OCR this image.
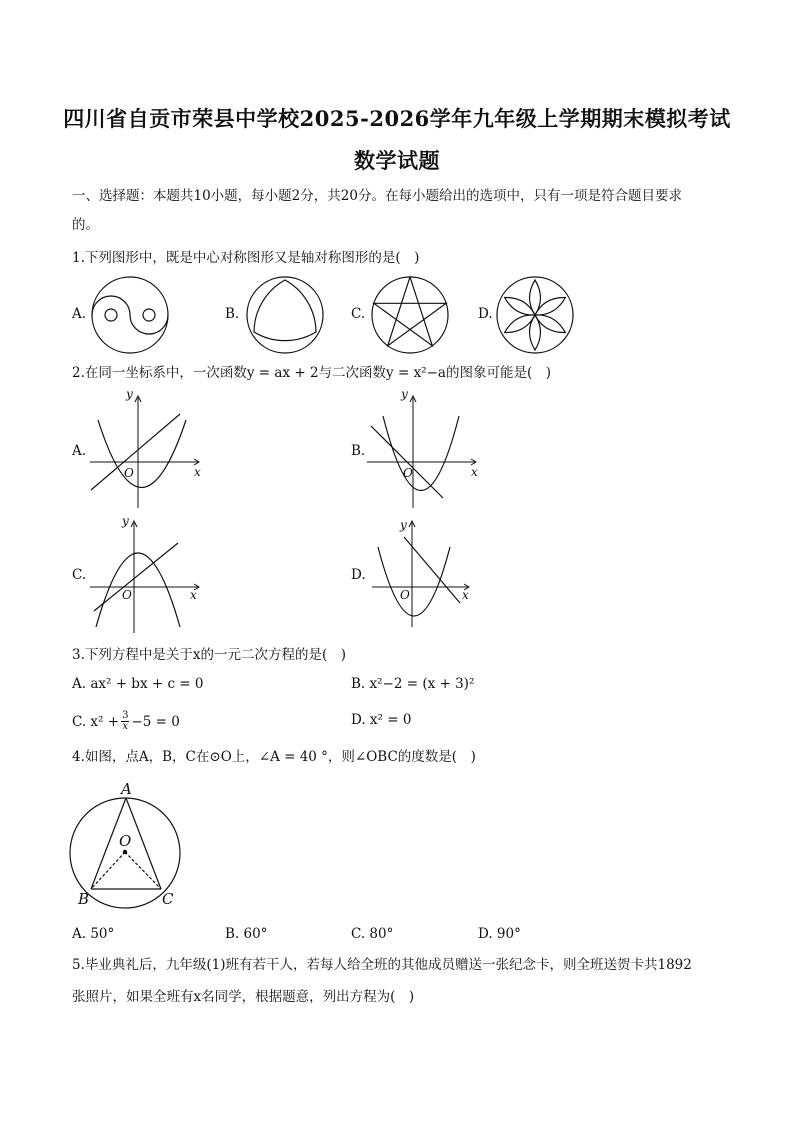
四川省自贡市荣县中学校2025-2026学年九年级上学期期末模拟考试
数学试题
一、选择题：本题共10小题，每小题2分，共20分。在每小题给出的选项中，只有一项是符合题目要求
的。
1.下列图形中，既是中心对称图形又是轴对称图形的是(　)
A.	B.	C.	D.
2.在同一坐标系中，一次函数y = ax + 2与二次函数y = x²−a的图象可能是(　)
A.
y
x
O
B.
y
x
O
C.
y
x
O
D.
y
x
O
3.下列方程中是关于x的一元二次方程的是(　)
A. ax² + bx + c = 0	B. x²−2 = (x + 3)²
C. $x^2 + \frac{3}{x} -5 = 0$	D. x² = 0
4.如图，点A，B，C在⊙O上，∠A = 40 °，则∠OBC的度数是(　)
A
B	C
O
A. 50°	B. 60°	C. 80°	D. 90°
5.毕业典礼后，九年级(1)班有若干人，若每人给全班的其他成员赠送一张纪念卡，则全班送贺卡共1892
张照片，如果全班有x名同学，根据题意，列出方程为(　)
